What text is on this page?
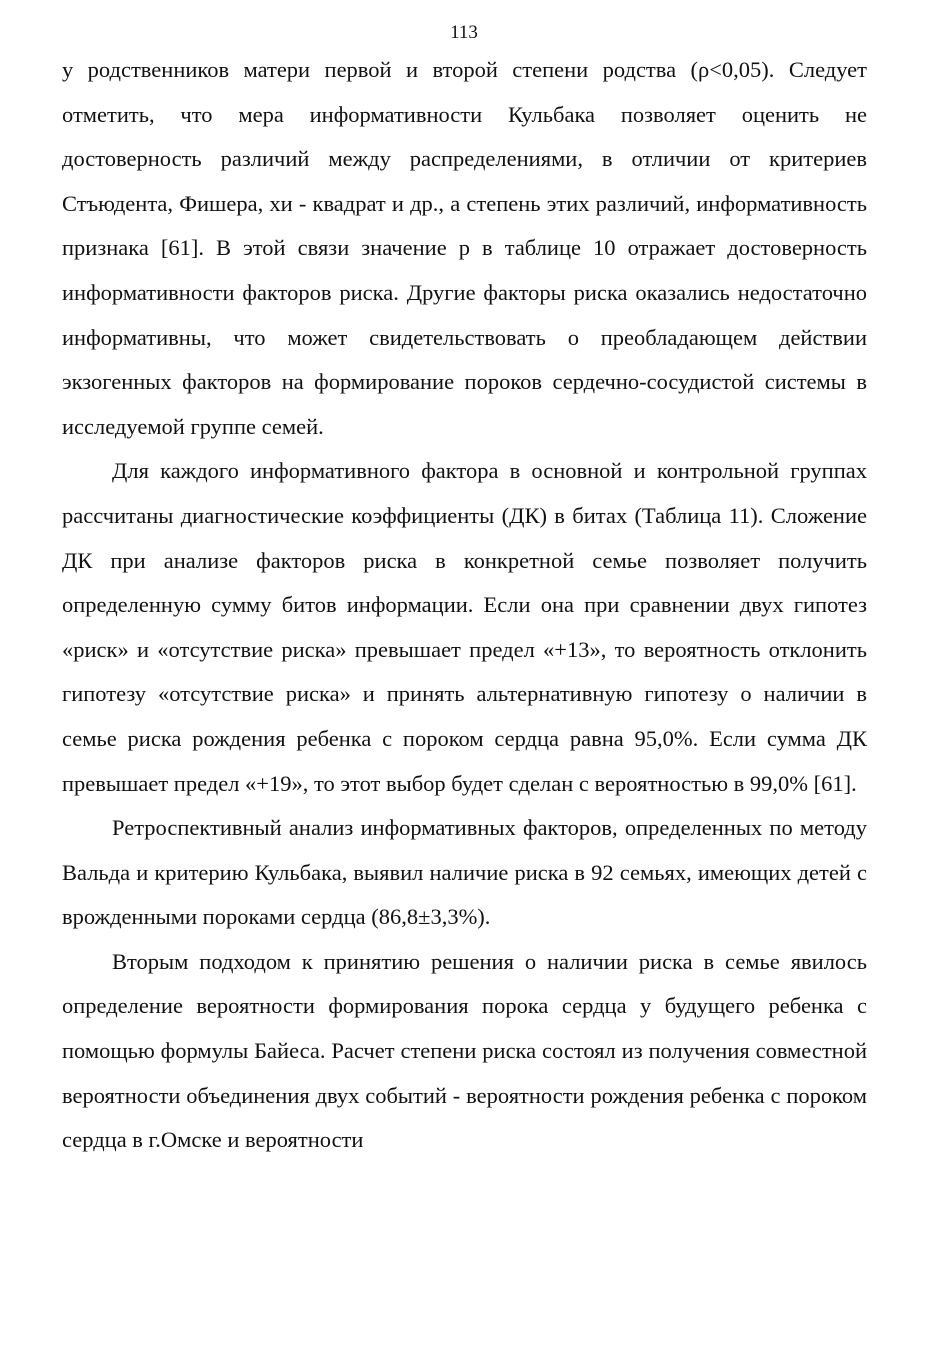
113

у родственников матери первой и второй степени родства (ρ<0,05). Следует отметить, что мера информативности Кульбака позволяет оценить не достоверность различий между распределениями, в отличии от критериев Стъюдента, Фишера, хи - квадрат и др., а степень этих различий, информативность признака [61]. В этой связи значение р в таблице 10 отражает достоверность информативности факторов риска. Другие факторы риска оказались недостаточно информативны, что может свидетельствовать о преобладающем действии экзогенных факторов на формирование пороков сердечно-сосудистой системы в исследуемой группе семей.

Для каждого информативного фактора в основной и контрольной группах рассчитаны диагностические коэффициенты (ДК) в битах (Таблица 11). Сложение ДК при анализе факторов риска в конкретной семье позволяет получить определенную сумму битов информации. Если она при сравнении двух гипотез «риск» и «отсутствие риска» превышает предел «+13», то вероятность отклонить гипотезу «отсутствие риска» и принять альтернативную гипотезу о наличии в семье риска рождения ребенка с пороком сердца равна 95,0%. Если сумма ДК превышает предел «+19», то этот выбор будет сделан с вероятностью в 99,0% [61].

Ретроспективный анализ информативных факторов, определенных по методу Вальда и критерию Кульбака, выявил наличие риска в 92 семьях, имеющих детей с врожденными пороками сердца (86,8±3,3%).

Вторым подходом к принятию решения о наличии риска в семье явилось определение вероятности формирования порока сердца у будущего ребенка с помощью формулы Байеса. Расчет степени риска состоял из получения совместной вероятности объединения двух событий - вероятности рождения ребенка с пороком сердца в г.Омске и вероятности
